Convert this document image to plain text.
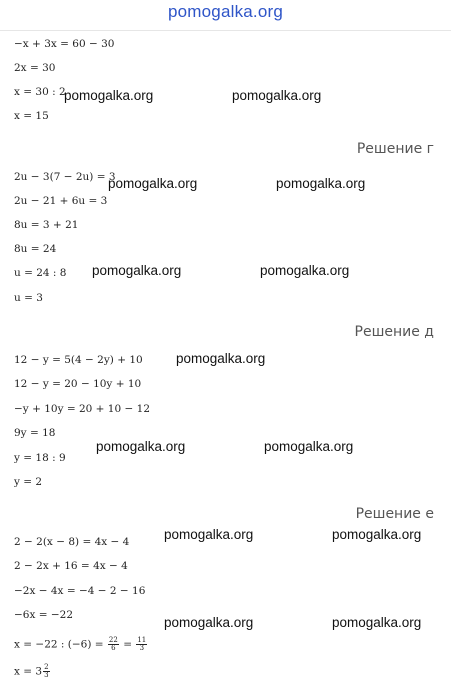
pomogalka.org
−x + 3x = 60 − 30
2x = 30
x = 30 : 2
x = 15
pomogalka.org	pomogalka.org
Решение г
2u − 3(7 − 2u) = 3
2u − 21 + 6u = 3
8u = 3 + 21
8u = 24
u = 24 : 8
u = 3
pomogalka.org	pomogalka.org
pomogalka.org	pomogalka.org
Решение д
12 − y = 5(4 − 2y) + 10
12 − y = 20 − 10y + 10
−y + 10y = 20 + 10 − 12
9y = 18
y = 18 : 9
y = 2
pomogalka.org
pomogalka.org	pomogalka.org
Решение е
2 − 2(x − 8) = 4x − 4
2 − 2x + 16 = 4x − 4
−2x − 4x = −4 − 2 − 16
−6x = −22
x = −22 : $(-6) = \frac{22}{6} = \frac{11}{3}$
$x = 3 \frac{2}{3}$
pomogalka.org	pomogalka.org
pomogalka.org	pomogalka.org
